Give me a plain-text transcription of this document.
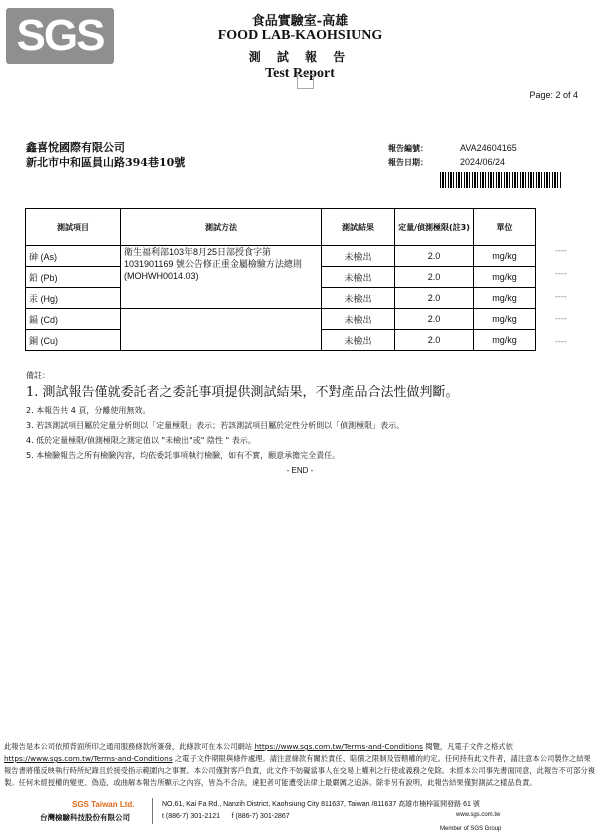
SGS	食品實驗室-高雄
FOOD LAB-KAOHSIUNG
測 試 報 告
Test Report
Page: 2 of 4
鑫喜悅國際有限公司
新北市中和區員山路394巷10號
報告編號：	AVA24604165
報告日期：	2024/06/24
測試項目	測試方法	測試結果	定量/偵測極限(註3)	單位
砷 (As)	衛生福利部103年8月25日部授食字第1031901169 號公告修正重金屬檢驗方法總則(MOHWH0014.03)	未檢出	2.0	mg/kg
鉛 (Pb)		未檢出	2.0	mg/kg
汞 (Hg)		未檢出	2.0	mg/kg
鎘 (Cd)		未檢出	2.0	mg/kg
銅 (Cu)		未檢出	2.0	mg/kg
----
----
----
----
----
備註：
1. 測試報告僅就委託者之委託事項提供測試結果，不對產品合法性做判斷。
2. 本報告共 4 頁，分離使用無效。
3. 若該測試項目屬於定量分析則以「定量極限」表示；若該測試項目屬於定性分析則以「偵測極限」表示。
4. 低於定量極限/偵測極限之測定值以 "未檢出"或" 陰性 " 表示。
5. 本檢驗報告之所有檢驗內容，均依委託事項執行檢驗，如有不實，願意承擔完全責任。
- END -
此報告是本公司依照背面所印之通用服務條款所簽發，此條款可在本公司網站 https://www.sgs.com.tw/Terms-and-Conditions 閱覽，凡電子文件之格式依 https://www.sgs.com.tw/Terms-and-Conditions 之電子文件期限與條件處理。請注意條款有關於責任、賠償之限制及管轄權的約定。任何持有此文件者，請注意本公司製作之結果報告書將僅反映執行時所紀錄且於接受指示範圍內之事實。本公司僅對客戶負責，此文件不妨礙當事人在交易上權利之行使或義務之免除。未經本公司事先書面同意，此報告不可部分複製。任何未經授權的變更、偽造、或曲解本報告所顯示之內容，皆為不合法，違犯者可能遭受法律上最嚴厲之追訴。除非另有說明，此報告結果僅對測試之樣品負責。
SGS Taiwan Ltd.
台灣檢驗科技股份有限公司
NO.61, Kai Fa Rd., Nanzih District, Kaohsiung City 811637, Taiwan /811637 高雄市楠梓區開發路 61 號
t (886-7) 301-2121 f (886-7) 301-2867	www.sgs.com.tw
Member of SGS Group
